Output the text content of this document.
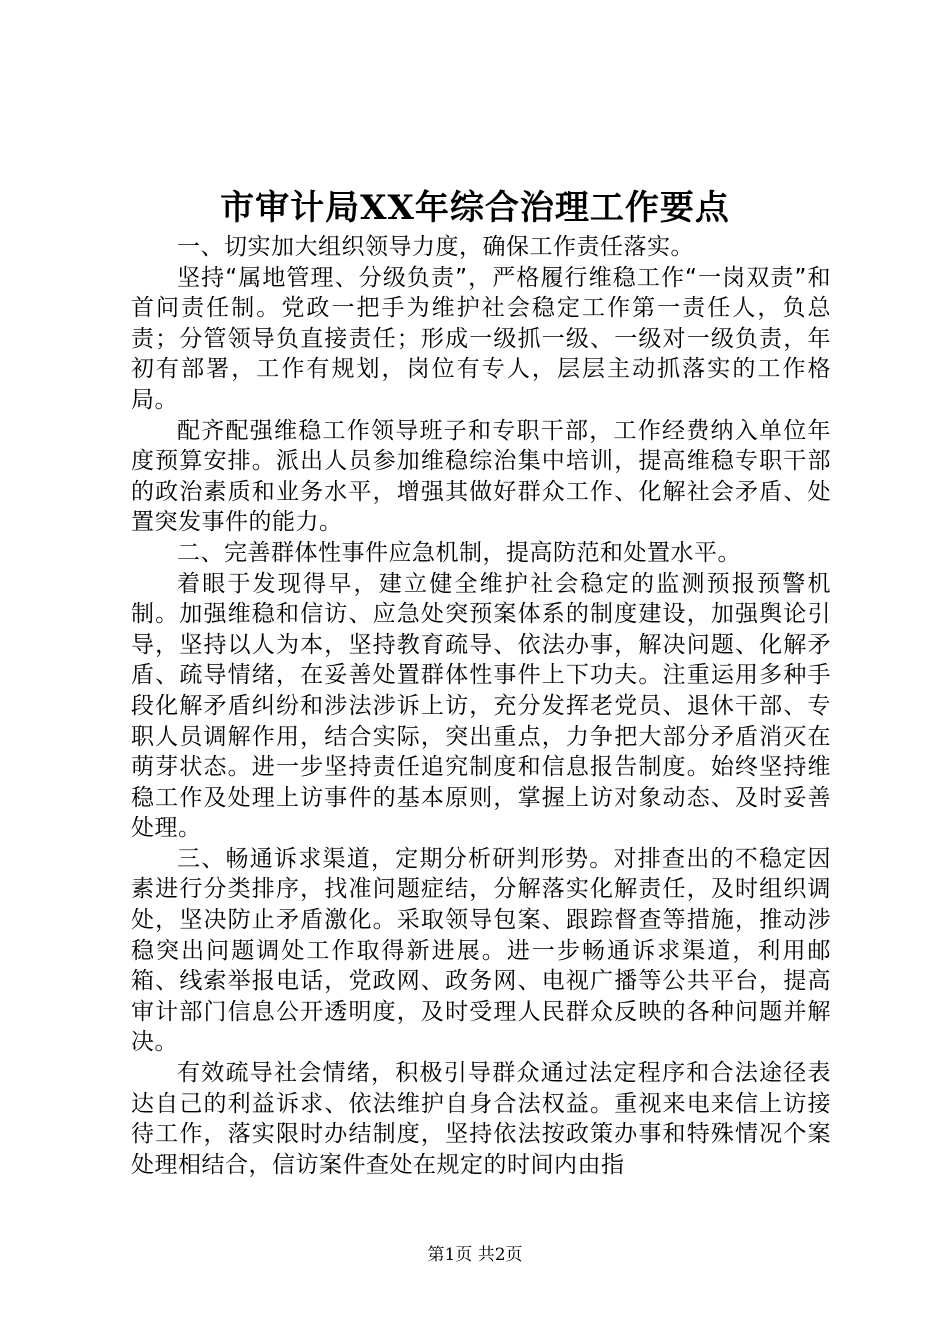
市审计局XX年综合治理工作要点

一、切实加大组织领导力度，确保工作责任落实。

坚持“属地管理、分级负责”，严格履行维稳工作“一岗双责”和首问责任制。党政一把手为维护社会稳定工作第一责任人，负总责；分管领导负直接责任；形成一级抓一级、一级对一级负责，年初有部署，工作有规划，岗位有专人，层层主动抓落实的工作格局。

配齐配强维稳工作领导班子和专职干部，工作经费纳入单位年度预算安排。派出人员参加维稳综治集中培训，提高维稳专职干部的政治素质和业务水平，增强其做好群众工作、化解社会矛盾、处置突发事件的能力。

二、完善群体性事件应急机制，提高防范和处置水平。

着眼于发现得早，建立健全维护社会稳定的监测预报预警机制。加强维稳和信访、应急处突预案体系的制度建设，加强舆论引导，坚持以人为本，坚持教育疏导、依法办事，解决问题、化解矛盾、疏导情绪，在妥善处置群体性事件上下功夫。注重运用多种手段化解矛盾纠纷和涉法涉诉上访，充分发挥老党员、退休干部、专职人员调解作用，结合实际，突出重点，力争把大部分矛盾消灭在萌芽状态。进一步坚持责任追究制度和信息报告制度。始终坚持维稳工作及处理上访事件的基本原则，掌握上访对象动态、及时妥善处理。

三、畅通诉求渠道，定期分析研判形势。对排查出的不稳定因素进行分类排序，找准问题症结，分解落实化解责任，及时组织调处，坚决防止矛盾激化。采取领导包案、跟踪督查等措施，推动涉稳突出问题调处工作取得新进展。进一步畅通诉求渠道，利用邮箱、线索举报电话，党政网、政务网、电视广播等公共平台，提高审计部门信息公开透明度，及时受理人民群众反映的各种问题并解决。

有效疏导社会情绪，积极引导群众通过法定程序和合法途径表达自己的利益诉求、依法维护自身合法权益。重视来电来信上访接待工作，落实限时办结制度，坚持依法按政策办事和特殊情况个案处理相结合，信访案件查处在规定的时间内由指

第1页 共2页
